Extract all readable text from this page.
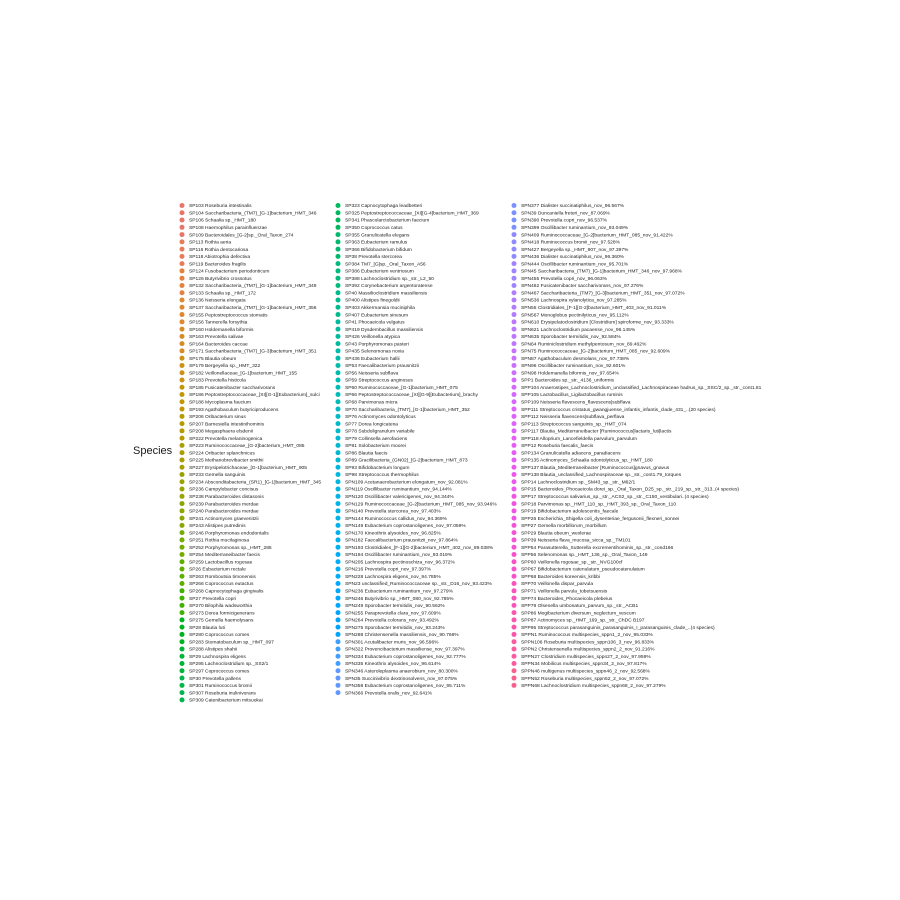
Species
SP103 Roseburia intestinalis
SP104 Saccharibacteria_(TM7)_[G-1]bacterium_HMT_346
SP106 Schaalia sp._HMT_180
SP108 Haemophilus parainfluenzae
SP109 Bacteroidales_[G-2]sp._Oral_Taxon_274
SP113 Rothia aeria
SP116 Rothia dentocariosa
SP118 Abiotrophia defectiva
SP119 Bacteroides fragilis
SP124 Fusobacterium periodonticum
SP126 Butyrivibrio crossotus
SP132 Saccharibacteria_(TM7)_[G-1]bacterium_HMT_349
SP133 Schaalia sp._HMT_172
SP136 Neisseria elongata
SP137 Saccharibacteria_(TM7)_[G-1]bacterium_HMT_356
SP155 Peptostreptococcus stomatis
SP156 Tannerella forsythia
SP160 Holdemanella biformis
SP163 Prevotella salivae
SP164 Bacteroides caccae
SP171 Saccharibacteria_(TM7)_[G-3]bacterium_HMT_351
SP175 Blautia obeum
SP179 Bergeyella sp._HMT_322
SP182 Veillonellaceae_[G-1]bacterium_HMT_155
SP183 Prevotella histicola
SP185 Fusicatenibacter saccharivorans
SP186 Peptostreptococcaceae_[XI][G-1][Eubacterium]_sulci
SP188 Mycoplasma faucium
SP193 Agathobaculum butyriciproducens
SP206 Oribacterium sinus
SP207 Barnesiella intestinihominis
SP208 Megasphaera elsdenii
SP222 Prevotella melaninogenica
SP223 Ruminococcaceae_[G-2]bacterium_HMT_085
SP224 Oribacter splanchnicus
SP225 Methanobrevibacter smithii
SP227 Erysipelotrichaceae_[G-1]bacterium_HMT_905
SP233 Gemella sanguinis
SP234 Absconditabacteria_(SR1)_[G-1]bacterium_HMT_345
SP236 Campylobacter concisus
SP238 Parabacteroides distasonis
SP239 Parabacteroides merdae
SP240 Parabacteroides merdae
SP241 Actinomyces graevenitzii
SP243 Alistipes putredinis
SP246 Porphyromonas endodontalis
SP251 Rothia mucilaginosa
SP252 Porphyromonas sp._HMT_285
SP254 Mediterraneibacter faecis
SP259 Lactobacillus rogosae
SP26 Eubacterium rectale
SP263 Romboutsia timonensis
SP266 Coprococcus eutactus
SP268 Capnocytophaga gingivalis
SP27 Prevotella copri
SP270 Bilophila wadsworthia
SP273 Dorea formicigenerans
SP275 Gemella haemolysans
SP28 Blautia luti
SP280 Coprococcus comes
SP283 Stomatobaculum sp._HMT_097
SP288 Alistipes shahii
SP29 Lachnospira eligens
SP295 Lachnoclostridium sp._SS2/1
SP297 Coprococcus comes
SP30 Prevotella pallens
SP301 Ruminococcus bromii
SP307 Roseburia inulinivorans
SP309 Catenibacterium mitsuokai
SP323 Capnocytophaga leadbetteri
SP325 Peptostreptococcaceae_[XI][G-4]bacterium_HMT_369
SP341 Phascolarctobacterium faecium
SP350 Coprococcus catus
SP355 Granulicatella elegans
SP363 Eubacterium ramulus
SP366 Bifidobacterium bifidum
SP38 Prevotella stercorea
SP384 TM7_[G]sp._Oral_Taxon_A56
SP386 Eubacterium ventriosum
SP388 Lachnoclostridium sp._str._L2_50
SP392 Corynebacterium argentoratense
SP40 Massilioclostridium massiliensis
SP400 Alistipes finegoldii
SP403 Akkermansia muciniphila
SP407 Eubacterium sinesum
SP41 Phocaeicola vulgatus
SP419 Dysdembacillus massiliensis
SP426 Veillonella atypica
SP43 Porphyromonas pasteri
SP435 Selenomonas noxia
SP436 Eubacterium hallii
SP53 Faecalibacterium prausnitzii
SP56 Neisseria subflava
SP59 Streptococcus anginosus
SP60 Ruminococcaceae_[G-1]bacterium_HMT_075
SP66 Peptostreptococcaceae_[XI][G-9][Eubacterium]_brachy
SP68 Parvimonas micra
SP70 Saccharibacteria_(TM7)_[G-1]bacterium_HMT_352
SP76 Actinomyces odontolyticus
SP77 Dorea longicatena
SP78 Subdoligranulum variabile
SP79 Collinsella aerofaciens
SP81 Solobacterium moorei
SP86 Blautia faecis
SP89 Gracilibacteria_(GN02)_[G-2]bacterium_HMT_873
SP93 Bifidobacterium longum
SP98 Streptococcus thermophilus
SPN109 Acetanaerobacterium elongatum_nov_92.081%
SPN119 Oscillibacter ruminantium_nov_94.144%
SPN120 Oscillibacter valericigenes_nov_94.344%
SPN129 Ruminococcaceae_[G-2]bacterium_HMT_085_nov_93.946%
SPN140 Prevotella stercorea_nov_97.403%
SPN144 Ruminococcus callidus_nov_94.369%
SPN149 Eubacterium coprostanoligenes_nov_97.059%
SPN170 Kineothrix alysoides_nov_96.825%
SPN182 Faecalibacterium prausnitzii_nov_97.864%
SPN193 Clostridiales_[F-1][G-2]bacterium_HMT_402_nov_89.038%
SPN194 Oscillibacter ruminantium_nov_93.019%
SPN205 Lachnospira pectinoschiza_nov_96.372%
SPN216 Prevotella copri_nov_97.397%
SPN228 Lachnospira eligens_nov_94.785%
SPN23 unclassified_Ruminococcaceae sp._str._D16_nov_93.423%
SPN236 Eubacterium ruminantium_nov_97.279%
SPN246 Butyrivibrio sp._HMT_080_nov_92.785%
SPN249 Sporobacter termitidis_nov_90.562%
SPN255 Paraprevotella clara_nov_97.609%
SPN264 Prevotella colorans_nov_93.492%
SPN275 Sporobacter termitidis_nov_93.243%
SPN288 Christensenella massiliensis_nov_90.766%
SPN301 Acutalibacter muris_nov_96.596%
SPN322 Provencibacterium massiliense_nov_97.397%
SPN334 Eubacterium coprostanoligenes_nov_92.777%
SPN335 Kineothrix alysoides_nov_96.614%
SPN346 Asteroleplasma anaerobium_nov_80.300%
SPN35 Succinivibrio dextrinosolvens_nov_97.075%
SPN358 Eubacterium coprostanoligenes_nov_95.711%
SPN366 Prevotella oralis_nov_92.641%
SPN377 Dialister succinatiphilus_nov_96.567%
SPN39 Duncaniella freteri_nov_87.069%
SPN390 Prevotella copri_nov_96.537%
SPN399 Oscillibacter ruminantium_nov_93.049%
SPN409 Ruminococcaceae_[G-2]bacterium_HMT_085_nov_91.422%
SPN418 Ruminococcus bromii_nov_97.528%
SPN427 Bergeyella sp._HMT_907_nov_97.397%
SPN436 Dialister succinatiphilus_nov_96.360%
SPN444 Oscillibacter ruminantium_nov_95.701%
SPN45 Saccharibacteria_(TM7)_[G-1]bacterium_HMT_346_nov_97.968%
SPN455 Prevotella copri_nov_96.063%
SPN462 Fusicatenibacter saccharivorans_nov_97.276%
SPN467 Saccharibacteria_(TM7)_[G-3]bacterium_HMT_351_nov_97.072%
SPN536 Lachnospira xylanolytica_nov_97.285%
SPN55 Clostridiales_[F-1][G-2]bacterium_HMT_402_nov_91.011%
SPN567 Monoglobus pectinilyticus_nov_95.112%
SPN610 Erysipelatoclostridium [Clostridium] spiroforme_nov_93.333%
SPN621 Lachnoclostridium pacaense_nov_96.145%
SPN635 Sporobacter termitidis_nov_92.584%
SPN64 Ruminiclostridium methylpentosum_nov_89.462%
SPN75 Ruminococcaceae_[G-2]bacterium_HMT_085_nov_92.609%
SPN87 Agathobaculum desmolans_nov_97.738%
SPN96 Oscillibacter ruminantium_nov_92.601%
SPN98 Holdemanella biformis_nov_97.654%
SPP1 Bacteroides sp._str._4136_uniformis
SPP104 Anaerostipes_Lachnoclostridium_unclassified_Lachnospiraceae hadrus_sp._SSC/2_sp._str._cont1.81
SPP105 Lactobacillus_Ligilactobacillus ruminis
SPP109 Neisseria flavescens_flavescens|subflava
SPP111 Streptococcus cristatus_gwangjuense_infantis_infantis_clade_431_..(20 species)
SPP112 Neisseria flavescens|subflava_perflava
SPP113 Streptococcus sanguinis_sp._HMT_074
SPP117 Blautia_Mediterraneibacter [Ruminococcus]lactaris_luti|lactis
SPP118 Alloprium_Lancefieldella parvulum_parvulum
SPP12 Roseburia faecalis_faecis
SPP134 Granulicatella adiacens_paradiacens
SPP135 Actinomyces_Schaalia odontolyticus_sp._HMT_180
SPP137 Blautia_Mediterraneibacter [Ruminococcus]gnavus_gnavus
SPP138 Blautia_unclassified_Lachnospiraceae sp._str._cont1.79_torques
SPP14 Lachnoclostridium sp._SM43_sp._str._M62/1
SPP15 Bacteroides_Phocaeicola dorei_sp._Oral_Taxon_D25_sp._str._219_sp._str._313..(4 species)
SPP17 Streptococcus salivarius_sp._str._ACS2_sp._str._C150_vestibulari..(4 species)
SPP18 Parvimonas sp._HMT_110_sp._HMT_393_sp._Oral_Taxon_110
SPP19 Bifidobacterium adolescentis_faecale
SPP26 Escherichia_Shigella coli_dysenteriae_fergusonii_flexneri_sonnei
SPP27 Gemella morbillorum_morbillum
SPP29 Blautia obeum_wexlerae
SPP39 Neisseria flava_mucosa_sicca_sp._TM101
SPP54 Parasutterella_Sutterella excrementihominis_sp._str._cond166
SPP56 Selenomonas sp._HMT_136_sp._Oral_Taxon_149
SPP60 Veillonella rogosae_sp._str._NVG100cf
SPP67 Bifidobacterium catenulatum_pseudocatenulatum
SPP68 Bacteroides koreensis_kribbi
SPP70 Veillonella dispar_parvula
SPP71 Veillonella parvula_tobetsuensis
SPP74 Bacteroides_Phocaeicola plebeius
SPP79 Olsenella umbonatum_parvum_sp._str._ACB1
SPP86 Mogibacterium diversum_neglectum_vescum
SPP87 Actinomyces sp._HMT_169_sp._str._ChDC B197
SPP95 Streptococcus parasanguinis_parasanguinis_I_parasanguinis_clade_..(4 species)
SPPN1 Ruminococcus multispecies_sppn1_2_nov_95.033%
SPPN106 Roseburia multispecies_sppn106_3_nov_96.833%
SPPN2 Christensenella multispecies_sppn2_2_nov_91.216%
SPPN27 Clostridium multispecies_sppn27_2_nov_97.959%
SPPN34 Mobilicus multispecies_sppn34_2_nov_97.817%
SPPN46 multigenus multispecies_sppn46_2_nov_92.568%
SPPN52 Roseburia multispecies_sppn52_2_nov_97.072%
SPPN68 Lachnoclostridium multispecies_sppn68_2_nov_97.279%
